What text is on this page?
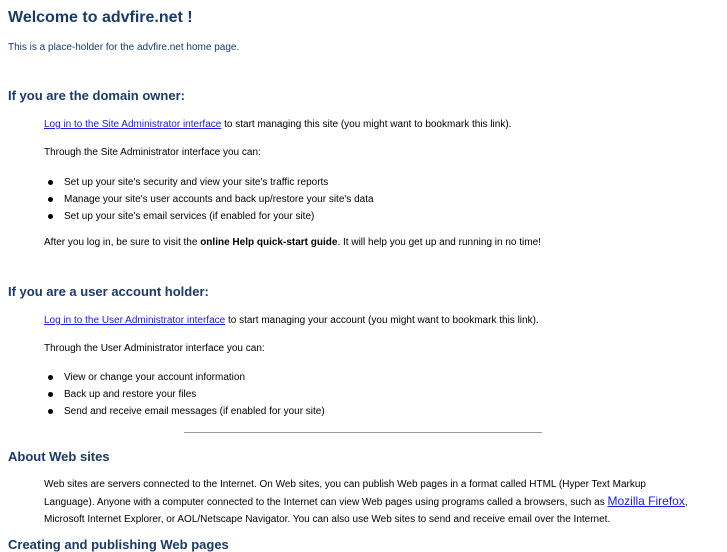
Welcome to advfire.net !

This is a place-holder for the advfire.net home page.

If you are the domain owner:

Log in to the Site Administrator interface to start managing this site (you might want to bookmark this link).

Through the Site Administrator interface you can:

Set up your site's security and view your site's traffic reports
Manage your site's user accounts and back up/restore your site's data
Set up your site's email services (if enabled for your site)

After you log in, be sure to visit the online Help quick-start guide. It will help you get up and running in no time!

If you are a user account holder:

Log in to the User Administrator interface to start managing your account (you might want to bookmark this link).

Through the User Administrator interface you can:

View or change your account information
Back up and restore your files
Send and receive email messages (if enabled for your site)
About Web sites

Web sites are servers connected to the Internet. On Web sites, you can publish Web pages in a format called HTML (Hyper Text Markup Language). Anyone with a computer connected to the Internet can view Web pages using programs called a browsers, such as Mozilla Firefox, Microsoft Internet Explorer, or AOL/Netscape Navigator. You can also use Web sites to send and receive email over the Internet.

Creating and publishing Web pages
